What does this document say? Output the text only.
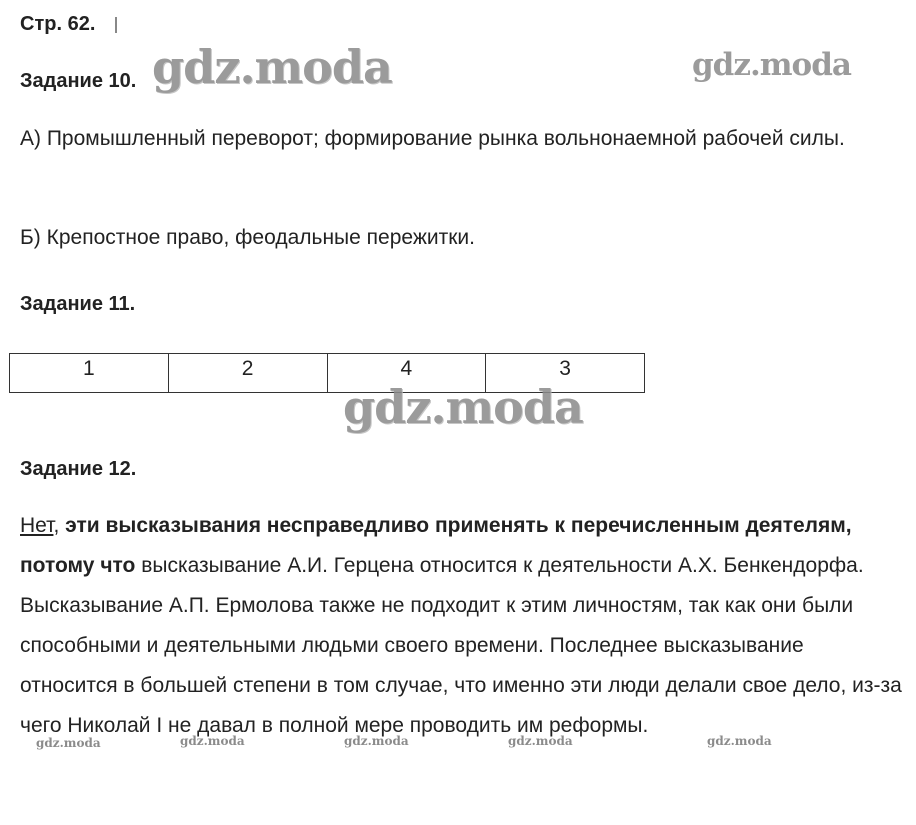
Стр. 62.
Задание 10.

А) Промышленный переворот; формирование рынка вольнонаемной рабочей силы.

Б) Крепостное право, феодальные пережитки.

Задание 11.
1	2	4	3
Задание 12.

Нет, эти высказывания несправедливо применять к перечисленным деятелям, потому что высказывание А.И. Герцена относится к деятельности А.Х. Бенкендорфа. Высказывание А.П. Ермолова также не подходит к этим личностям, так как они были способными и деятельными людьми своего времени. Последнее высказывание относится в большей степени в том случае, что именно эти люди делали свое дело, из-за чего Николай I не давал в полной мере проводить им реформы.

gdz.moda	gdz.moda
gdz.moda
gdz.moda	gdz.moda	gdz.moda	gdz.moda	gdz.moda
